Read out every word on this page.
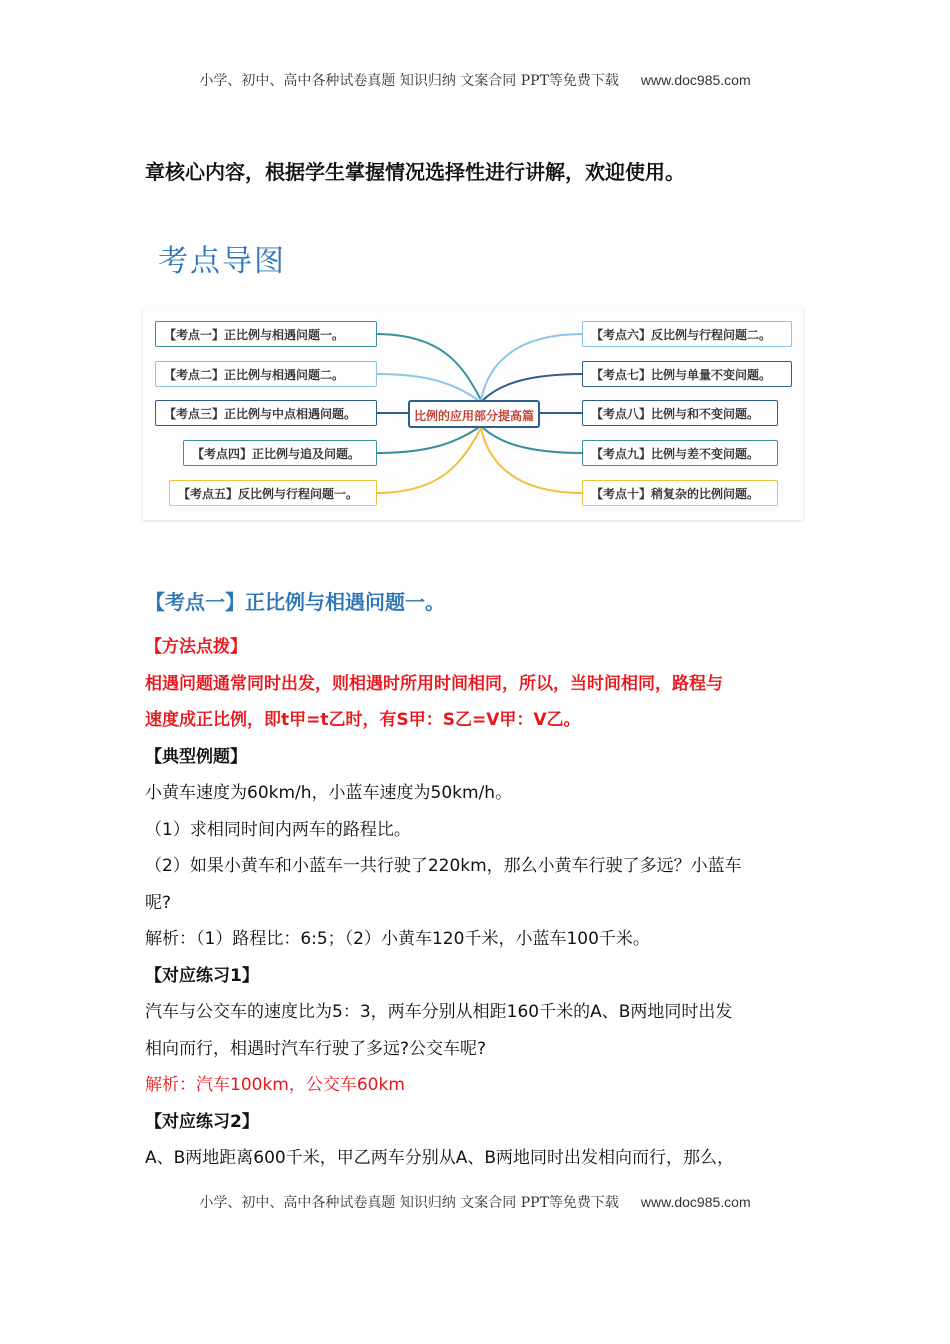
小学、初中、高中各种试卷真题 知识归纳 文案合同 PPT等免费下载 www.doc985.com
章核心内容，根据学生掌握情况选择性进行讲解，欢迎使用。
考点导图
【考点一】正比例与相遇问题一。
【考点二】正比例与相遇问题二。
【考点三】正比例与中点相遇问题。
【考点四】正比例与追及问题。
【考点五】反比例与行程问题一。
比例的应用部分提高篇
【考点六】反比例与行程问题二。
【考点七】比例与单量不变问题。
【考点八】比例与和不变问题。
【考点九】比例与差不变问题。
【考点十】稍复杂的比例问题。
【考点一】正比例与相遇问题一。
【方法点拨】
相遇问题通常同时出发，则相遇时所用时间相同，所以，当时间相同，路程与
速度成正比例，即t甲=t乙时，有S甲：S乙=V甲：V乙。
【典型例题】
小黄车速度为60km/h，小蓝车速度为50km/h。
（1）求相同时间内两车的路程比。
（2）如果小黄车和小蓝车一共行驶了220km，那么小黄车行驶了多远？小蓝车
呢?
解析：（1）路程比：6:5；（2）小黄车120千米，小蓝车100千米。
【对应练习1】
汽车与公交车的速度比为5：3，两车分别从相距160千米的A、B两地同时出发
相向而行，相遇时汽车行驶了多远?公交车呢?
解析：汽车100km，公交车60km
【对应练习2】
A、B两地距离600千米，甲乙两车分别从A、B两地同时出发相向而行，那么，
小学、初中、高中各种试卷真题 知识归纳 文案合同 PPT等免费下载 www.doc985.com
